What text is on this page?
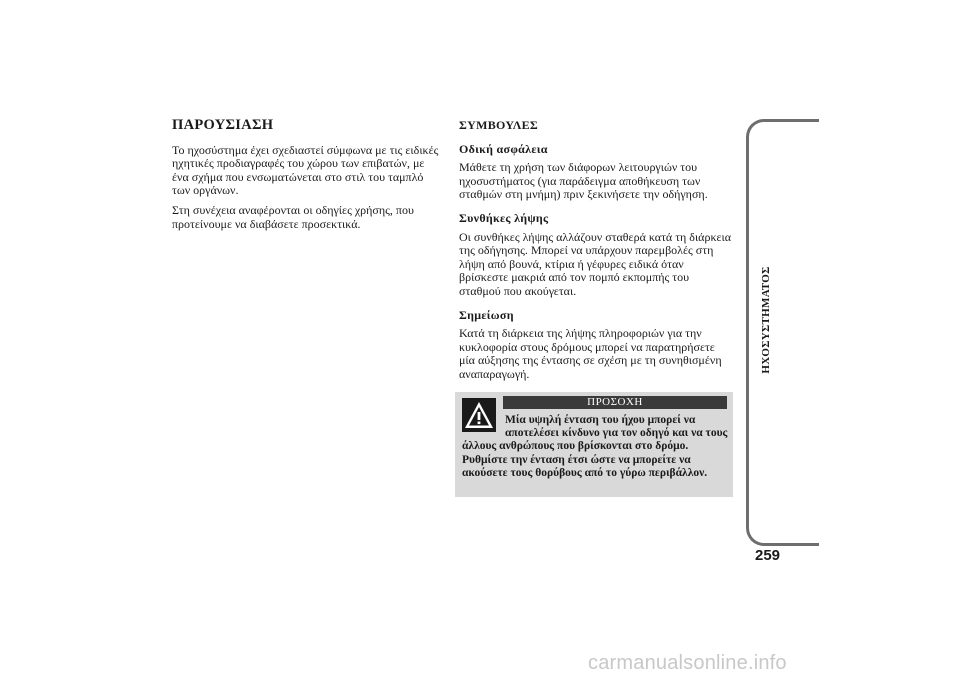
ΠΑΡΟΥΣΙΑΣΗ

Το ηχοσύστημα έχει σχεδιαστεί σύμφωνα με τις ειδικές ηχητικές προδιαγραφές του χώρου των επιβατών, με ένα σχήμα που ενσωματώνεται στο στιλ του ταμπλό των οργάνων.

Στη συνέχεια αναφέρονται οι οδηγίες χρήσης, που προτείνουμε να διαβάσετε προσεκτικά.

ΣΥΜΒΟΥΛΕΣ
Οδική ασφάλεια

Μάθετε τη χρήση των διάφορων λειτουργιών του ηχοσυστήματος (για παράδειγμα αποθήκευση των σταθμών στη μνήμη) πριν ξεκινήσετε την οδήγηση.

Συνθήκες λήψης

Οι συνθήκες λήψης αλλάζουν σταθερά κατά τη διάρκεια της οδήγησης. Μπορεί να υπάρχουν παρεμβολές στη λήψη από βουνά, κτίρια ή γέφυρες ειδικά όταν βρίσκεστε μακριά από τον πομπό εκπομπής του σταθμού που ακούγεται.

Σημείωση

Κατά τη διάρκεια της λήψης πληροφοριών για την κυκλοφορία στους δρόμους μπορεί να παρατηρήσετε μία αύξησης της έντασης σε σχέση με τη συνηθισμένη αναπαραγωγή.

ΠΡΟΣΟΧΗ
Μία υψηλή ένταση του ήχου μπορεί να αποτελέσει κίνδυνο για τον οδηγό και να τους άλλους ανθρώπους που βρίσκονται στο δρόμο. Ρυθμίστε την ένταση έτσι ώστε να μπορείτε να ακούσετε τους θορύβους από το γύρω περιβάλλον.
ΗΧΟΣΥΣΤΗΜΑΤΟΣ
259
carmanualsonline.info
